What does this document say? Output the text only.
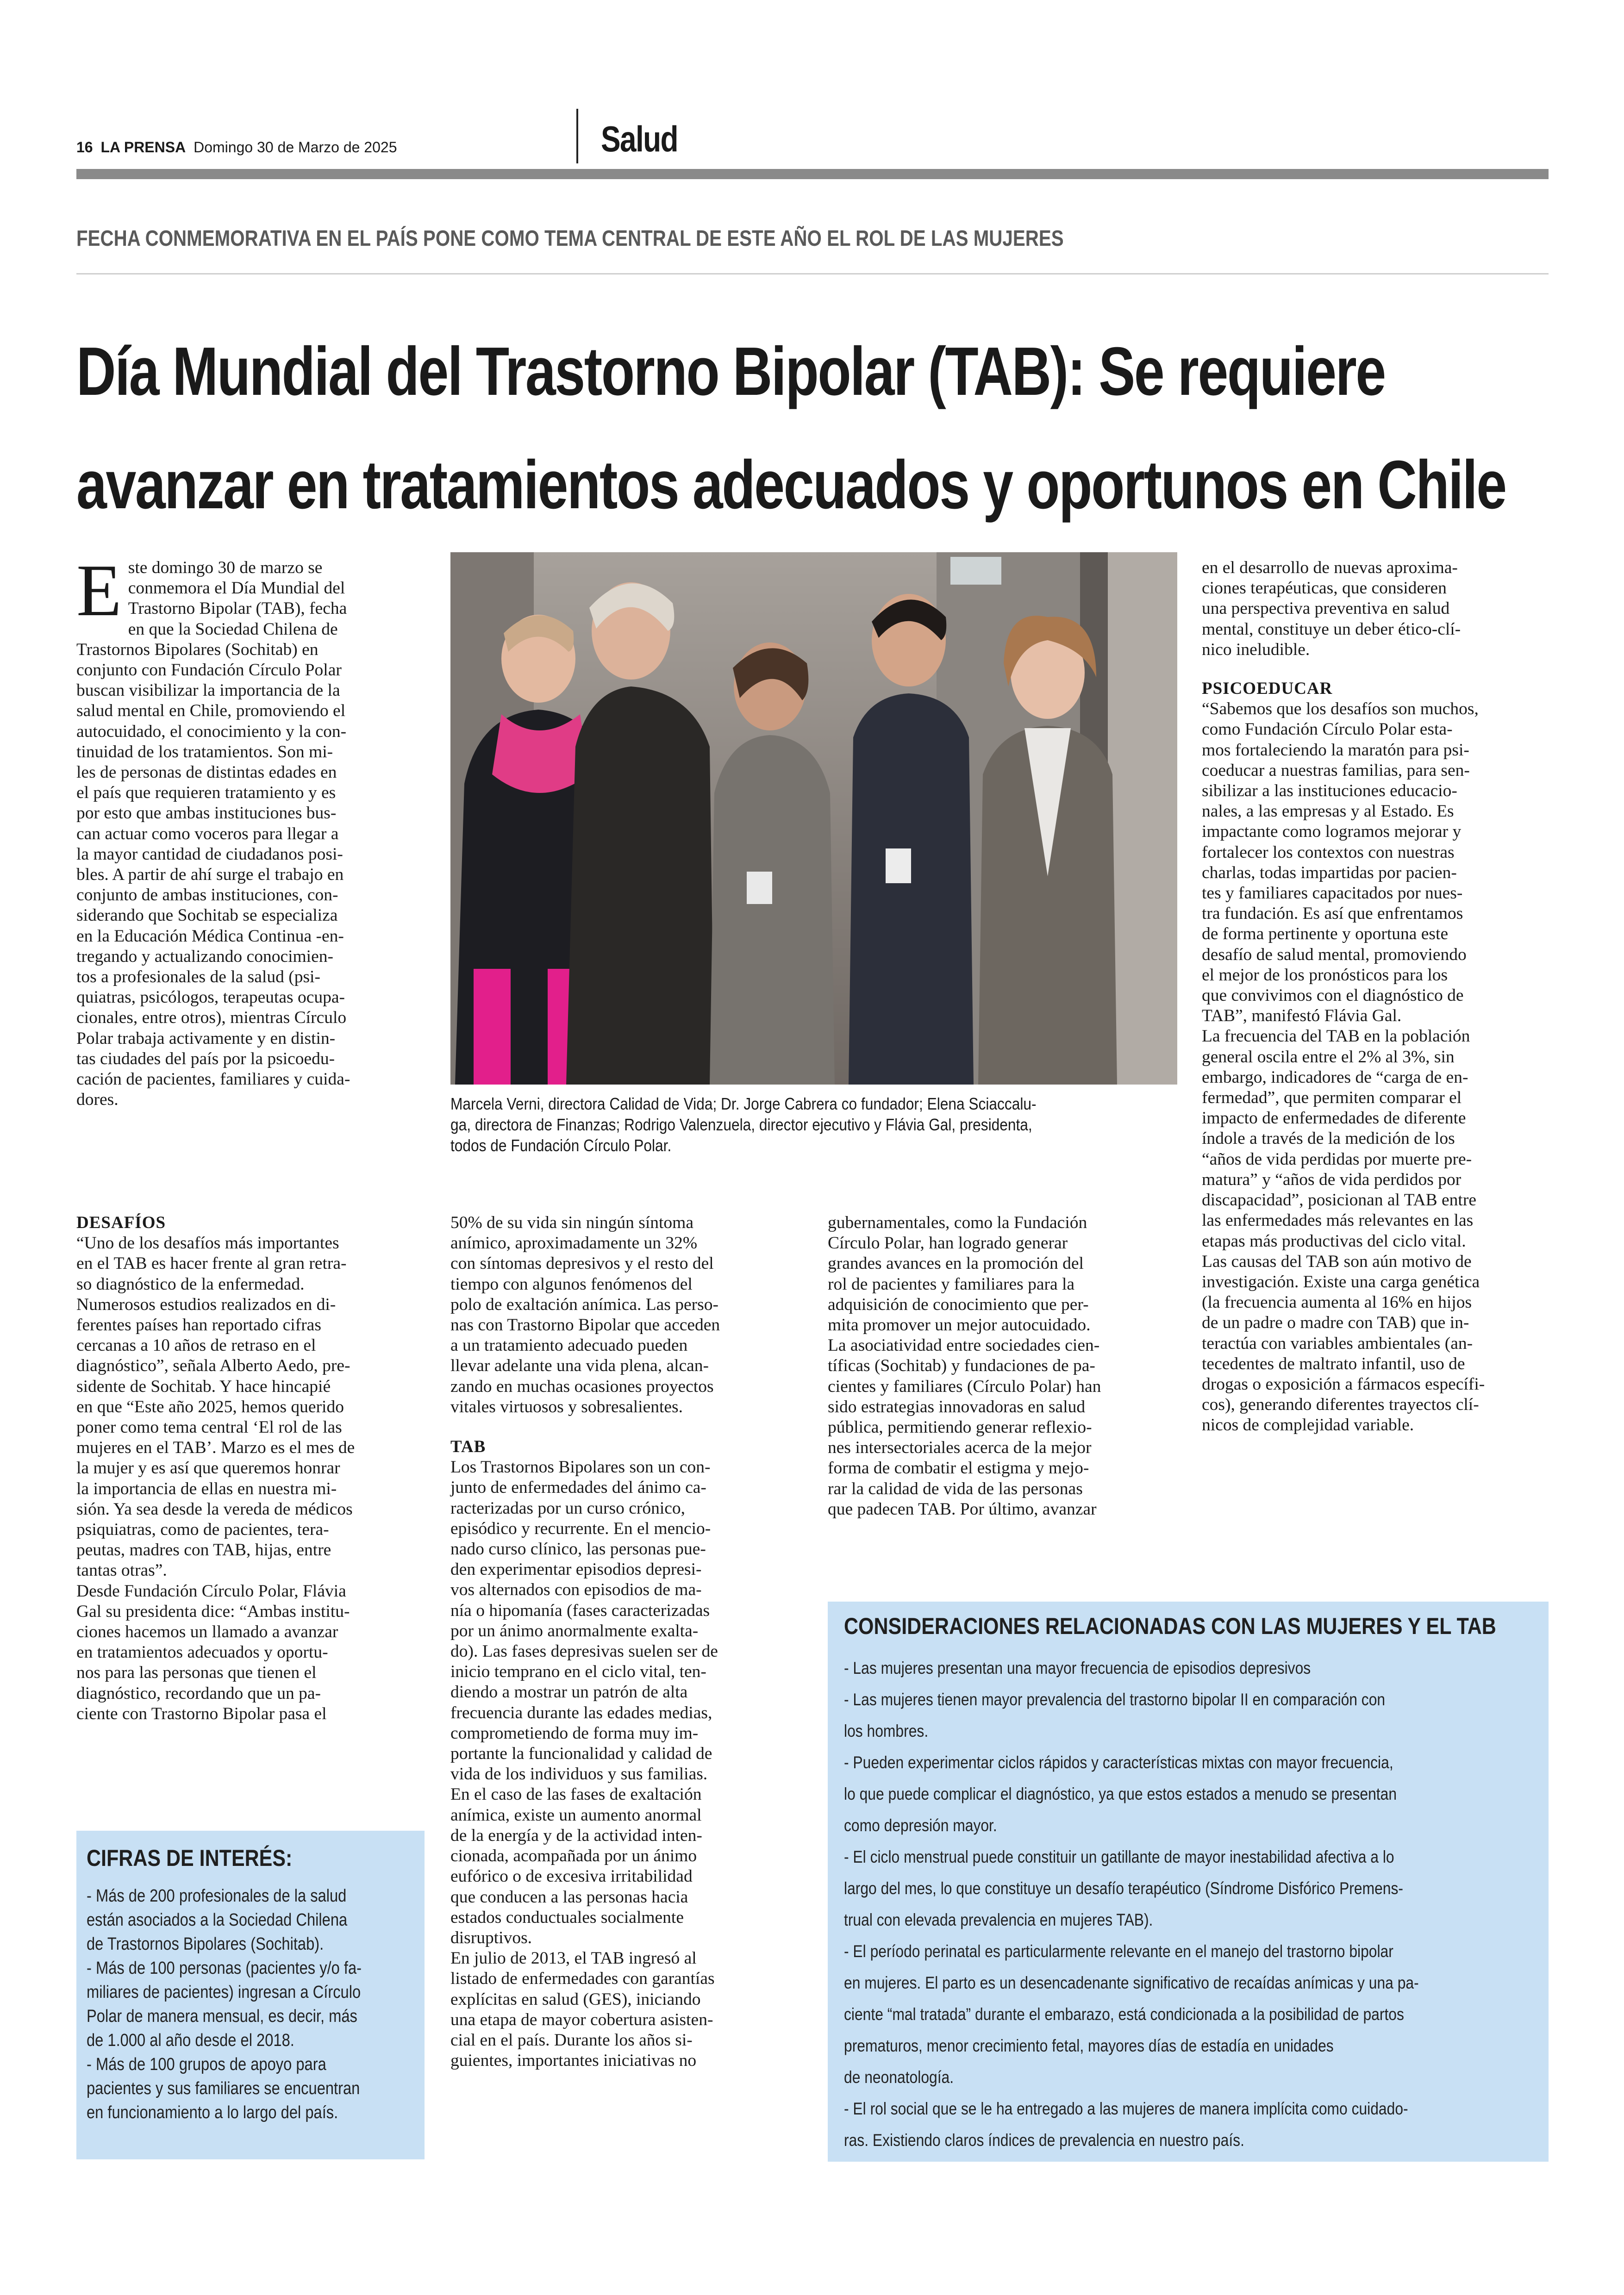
16 LA PRENSA Domingo 30 de Marzo de 2025	Salud
FECHA CONMEMORATIVA EN EL PAÍS PONE COMO TEMA CENTRAL DE ESTE AÑO EL ROL DE LAS MUJERES
Día Mundial del Trastorno Bipolar (TAB): Se requiere
avanzar en tratamientos adecuados y oportunos en Chile
E ste domingo 30 de marzo se
conmemora el Día Mundial del
Trastorno Bipolar (TAB), fecha
en que la Sociedad Chilena de
Trastornos Bipolares (Sochitab) en
conjunto con Fundación Círculo Polar
buscan visibilizar la importancia de la
salud mental en Chile, promoviendo el
autocuidado, el conocimiento y la con-
tinuidad de los tratamientos. Son mi-
les de personas de distintas edades en
el país que requieren tratamiento y es
por esto que ambas instituciones bus-
can actuar como voceros para llegar a
la mayor cantidad de ciudadanos posi-
bles. A partir de ahí surge el trabajo en
conjunto de ambas instituciones, con-
siderando que Sochitab se especializa
en la Educación Médica Continua -en-
tregando y actualizando conocimien-
tos a profesionales de la salud (psi-
quiatras, psicólogos, terapeutas ocupa-
cionales, entre otros), mientras Círculo
Polar trabaja activamente y en distin-
tas ciudades del país por la psicoedu-
cación de pacientes, familiares y cuida-
dores.

DESAFÍOS

“Uno de los desafíos más importantes
en el TAB es hacer frente al gran retra-
so diagnóstico de la enfermedad.
Numerosos estudios realizados en di-
ferentes países han reportado cifras
cercanas a 10 años de retraso en el
diagnóstico”, señala Alberto Aedo, pre-
sidente de Sochitab. Y hace hincapié
en que “Este año 2025, hemos querido
poner como tema central ‘El rol de las
mujeres en el TAB’. Marzo es el mes de
la mujer y es así que queremos honrar
la importancia de ellas en nuestra mi-
sión. Ya sea desde la vereda de médicos
psiquiatras, como de pacientes, tera-
peutas, madres con TAB, hijas, entre
tantas otras”.
Desde Fundación Círculo Polar, Flávia
Gal su presidenta dice: “Ambas institu-
ciones hacemos un llamado a avanzar
en tratamientos adecuados y oportu-
nos para las personas que tienen el
diagnóstico, recordando que un pa-
ciente con Trastorno Bipolar pasa el
Marcela Verni, directora Calidad de Vida; Dr. Jorge Cabrera co fundador; Elena Sciaccalu-
ga, directora de Finanzas; Rodrigo Valenzuela, director ejecutivo y Flávia Gal, presidenta,
todos de Fundación Círculo Polar.
50% de su vida sin ningún síntoma
anímico, aproximadamente un 32%
con síntomas depresivos y el resto del
tiempo con algunos fenómenos del
polo de exaltación anímica. Las perso-
nas con Trastorno Bipolar que acceden
a un tratamiento adecuado pueden
llevar adelante una vida plena, alcan-
zando en muchas ocasiones proyectos
vitales virtuosos y sobresalientes.

TAB

Los Trastornos Bipolares son un con-
junto de enfermedades del ánimo ca-
racterizadas por un curso crónico,
episódico y recurrente. En el mencio-
nado curso clínico, las personas pue-
den experimentar episodios depresi-
vos alternados con episodios de ma-
nía o hipomanía (fases caracterizadas
por un ánimo anormalmente exalta-
do). Las fases depresivas suelen ser de
inicio temprano en el ciclo vital, ten-
diendo a mostrar un patrón de alta
frecuencia durante las edades medias,
comprometiendo de forma muy im-
portante la funcionalidad y calidad de
vida de los individuos y sus familias.
En el caso de las fases de exaltación
anímica, existe un aumento anormal
de la energía y de la actividad inten-
cionada, acompañada por un ánimo
eufórico o de excesiva irritabilidad
que conducen a las personas hacia
estados conductuales socialmente
disruptivos.
En julio de 2013, el TAB ingresó al
listado de enfermedades con garantías
explícitas en salud (GES), iniciando
una etapa de mayor cobertura asisten-
cial en el país. Durante los años si-
guientes, importantes iniciativas no
gubernamentales, como la Fundación
Círculo Polar, han logrado generar
grandes avances en la promoción del
rol de pacientes y familiares para la
adquisición de conocimiento que per-
mita promover un mejor autocuidado.
La asociatividad entre sociedades cien-
tíficas (Sochitab) y fundaciones de pa-
cientes y familiares (Círculo Polar) han
sido estrategias innovadoras en salud
pública, permitiendo generar reflexio-
nes intersectoriales acerca de la mejor
forma de combatir el estigma y mejo-
rar la calidad de vida de las personas
que padecen TAB. Por último, avanzar
en el desarrollo de nuevas aproxima-
ciones terapéuticas, que consideren
una perspectiva preventiva en salud
mental, constituye un deber ético-clí-
nico ineludible.

PSICOEDUCAR

“Sabemos que los desafíos son muchos,
como Fundación Círculo Polar esta-
mos fortaleciendo la maratón para psi-
coeducar a nuestras familias, para sen-
sibilizar a las instituciones educacio-
nales, a las empresas y al Estado. Es
impactante como logramos mejorar y
fortalecer los contextos con nuestras
charlas, todas impartidas por pacien-
tes y familiares capacitados por nues-
tra fundación. Es así que enfrentamos
de forma pertinente y oportuna este
desafío de salud mental, promoviendo
el mejor de los pronósticos para los
que convivimos con el diagnóstico de
TAB”, manifestó Flávia Gal.
La frecuencia del TAB en la población
general oscila entre el 2% al 3%, sin
embargo, indicadores de “carga de en-
fermedad”, que permiten comparar el
impacto de enfermedades de diferente
índole a través de la medición de los
“años de vida perdidas por muerte pre-
matura” y “años de vida perdidos por
discapacidad”, posicionan al TAB entre
las enfermedades más relevantes en las
etapas más productivas del ciclo vital.
Las causas del TAB son aún motivo de
investigación. Existe una carga genética
(la frecuencia aumenta al 16% en hijos
de un padre o madre con TAB) que in-
teractúa con variables ambientales (an-
tecedentes de maltrato infantil, uso de
drogas o exposición a fármacos específi-
cos), generando diferentes trayectos clí-
nicos de complejidad variable.
CIFRAS DE INTERÉS:
- Más de 200 profesionales de la salud
están asociados a la Sociedad Chilena
de Trastornos Bipolares (Sochitab).
- Más de 100 personas (pacientes y/o fa-
miliares de pacientes) ingresan a Círculo
Polar de manera mensual, es decir, más
de 1.000 al año desde el 2018.
- Más de 100 grupos de apoyo para
pacientes y sus familiares se encuentran
en funcionamiento a lo largo del país.
CONSIDERACIONES RELACIONADAS CON LAS MUJERES Y EL TAB
- Las mujeres presentan una mayor frecuencia de episodios depresivos
- Las mujeres tienen mayor prevalencia del trastorno bipolar II en comparación con
los hombres.
- Pueden experimentar ciclos rápidos y características mixtas con mayor frecuencia,
lo que puede complicar el diagnóstico, ya que estos estados a menudo se presentan
como depresión mayor.
- El ciclo menstrual puede constituir un gatillante de mayor inestabilidad afectiva a lo
largo del mes, lo que constituye un desafío terapéutico (Síndrome Disfórico Premens-
trual con elevada prevalencia en mujeres TAB).
- El período perinatal es particularmente relevante en el manejo del trastorno bipolar
en mujeres. El parto es un desencadenante significativo de recaídas anímicas y una pa-
ciente “mal tratada” durante el embarazo, está condicionada a la posibilidad de partos
prematuros, menor crecimiento fetal, mayores días de estadía en unidades
de neonatología.
- El rol social que se le ha entregado a las mujeres de manera implícita como cuidado-
ras. Existiendo claros índices de prevalencia en nuestro país.
